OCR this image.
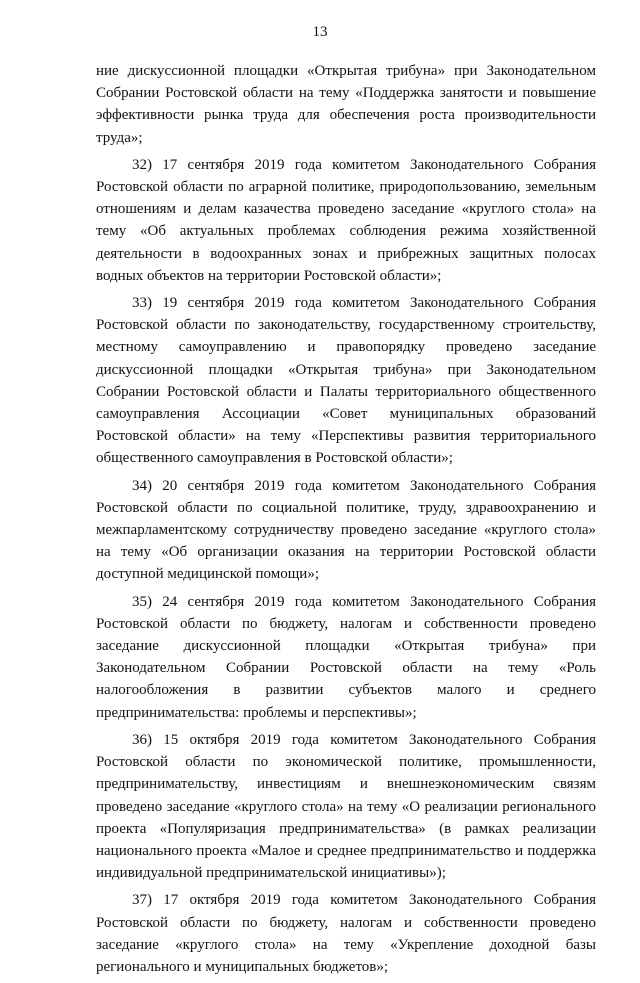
13

ние дискуссионной площадки «Открытая трибуна» при Законодательном Собрании Ростовской области на тему «Поддержка занятости и повышение эффективности рынка труда для обеспечения роста производительности труда»;

32) 17 сентября 2019 года комитетом Законодательного Собрания Ростовской области по аграрной политике, природопользованию, земельным отношениям и делам казачества проведено заседание «круглого стола» на тему «Об актуальных проблемах соблюдения режима хозяйственной деятельности в водоохранных зонах и прибрежных защитных полосах водных объектов на территории Ростовской области»;

33) 19 сентября 2019 года комитетом Законодательного Собрания Ростовской области по законодательству, государственному строительству, местному самоуправлению и правопорядку проведено заседание дискуссионной площадки «Открытая трибуна» при Законодательном Собрании Ростовской области и Палаты территориального общественного самоуправления Ассоциации «Совет муниципальных образований Ростовской области» на тему «Перспективы развития территориального общественного самоуправления в Ростовской области»;

34) 20 сентября 2019 года комитетом Законодательного Собрания Ростовской области по социальной политике, труду, здравоохранению и межпарламентскому сотрудничеству проведено заседание «круглого стола» на тему «Об организации оказания на территории Ростовской области доступной медицинской помощи»;

35) 24 сентября 2019 года комитетом Законодательного Собрания Ростовской области по бюджету, налогам и собственности проведено заседание дискуссионной площадки «Открытая трибуна» при Законодательном Собрании Ростовской области на тему «Роль налогообложения в развитии субъектов малого и среднего предпринимательства: проблемы и перспективы»;

36) 15 октября 2019 года комитетом Законодательного Собрания Ростовской области по экономической политике, промышленности, предпринимательству, инвестициям и внешнеэкономическим связям проведено заседание «круглого стола» на тему «О реализации регионального проекта «Популяризация предпринимательства» (в рамках реализации национального проекта «Малое и среднее предпринимательство и поддержка индивидуальной предпринимательской инициативы»);

37) 17 октября 2019 года комитетом Законодательного Собрания Ростовской области по бюджету, налогам и собственности проведено заседание «круглого стола» на тему «Укрепление доходной базы регионального и муниципальных бюджетов»;
